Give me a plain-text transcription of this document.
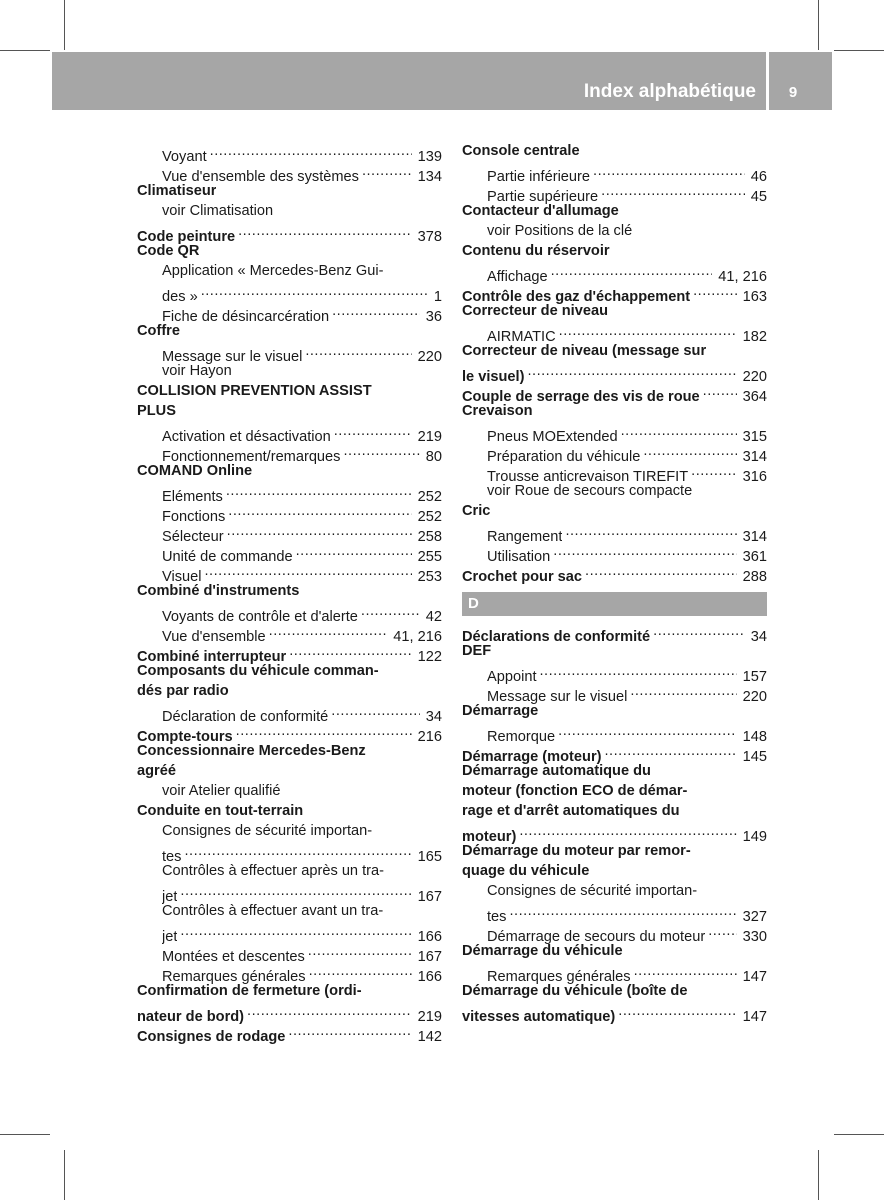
Index alphabétique	9
Voyant .....	139
Vue d'ensemble des systèmes .....	134
Climatiseur
voir Climatisation
Code peinture .....	378
Code QR
Application « Mercedes-Benz Gui-
des » .....	1
Fiche de désincarcération .....	36
Coffre
Message sur le visuel .....	220
voir Hayon
COLLISION PREVENTION ASSIST
PLUS
Activation et désactivation .....	219
Fonctionnement/remarques .....	80
COMAND Online
Eléments .....	252
Fonctions .....	252
Sélecteur .....	258
Unité de commande .....	255
Visuel .....	253
Combiné d'instruments
Voyants de contrôle et d'alerte .....	42
Vue d'ensemble .....	41, 216
Combiné interrupteur .....	122
Composants du véhicule comman-
dés par radio
Déclaration de conformité .....	34
Compte-tours .....	216
Concessionnaire Mercedes-Benz
agréé
voir Atelier qualifié
Conduite en tout-terrain
Consignes de sécurité importan-
tes .....	165
Contrôles à effectuer après un tra-
jet .....	167
Contrôles à effectuer avant un tra-
jet .....	166
Montées et descentes .....	167
Remarques générales .....	166
Confirmation de fermeture (ordi-
nateur de bord) .....	219
Consignes de rodage .....	142
Console centrale
Partie inférieure .....	46
Partie supérieure .....	45
Contacteur d'allumage
voir Positions de la clé
Contenu du réservoir
Affichage .....	41, 216
Contrôle des gaz d'échappement .....	163
Correcteur de niveau
AIRMATIC .....	182
Correcteur de niveau (message sur
le visuel) .....	220
Couple de serrage des vis de roue .....	364
Crevaison
Pneus MOExtended .....	315
Préparation du véhicule .....	314
Trousse anticrevaison TIREFIT .....	316
voir Roue de secours compacte
Cric
Rangement .....	314
Utilisation .....	361
Crochet pour sac .....	288
D
Déclarations de conformité .....	34
DEF
Appoint .....	157
Message sur le visuel .....	220
Démarrage
Remorque .....	148
Démarrage (moteur) .....	145
Démarrage automatique du
moteur (fonction ECO de démar-
rage et d'arrêt automatiques du
moteur) .....	149
Démarrage du moteur par remor-
quage du véhicule
Consignes de sécurité importan-
tes .....	327
Démarrage de secours du moteur .....	330
Démarrage du véhicule
Remarques générales .....	147
Démarrage du véhicule (boîte de
vitesses automatique) .....	147
